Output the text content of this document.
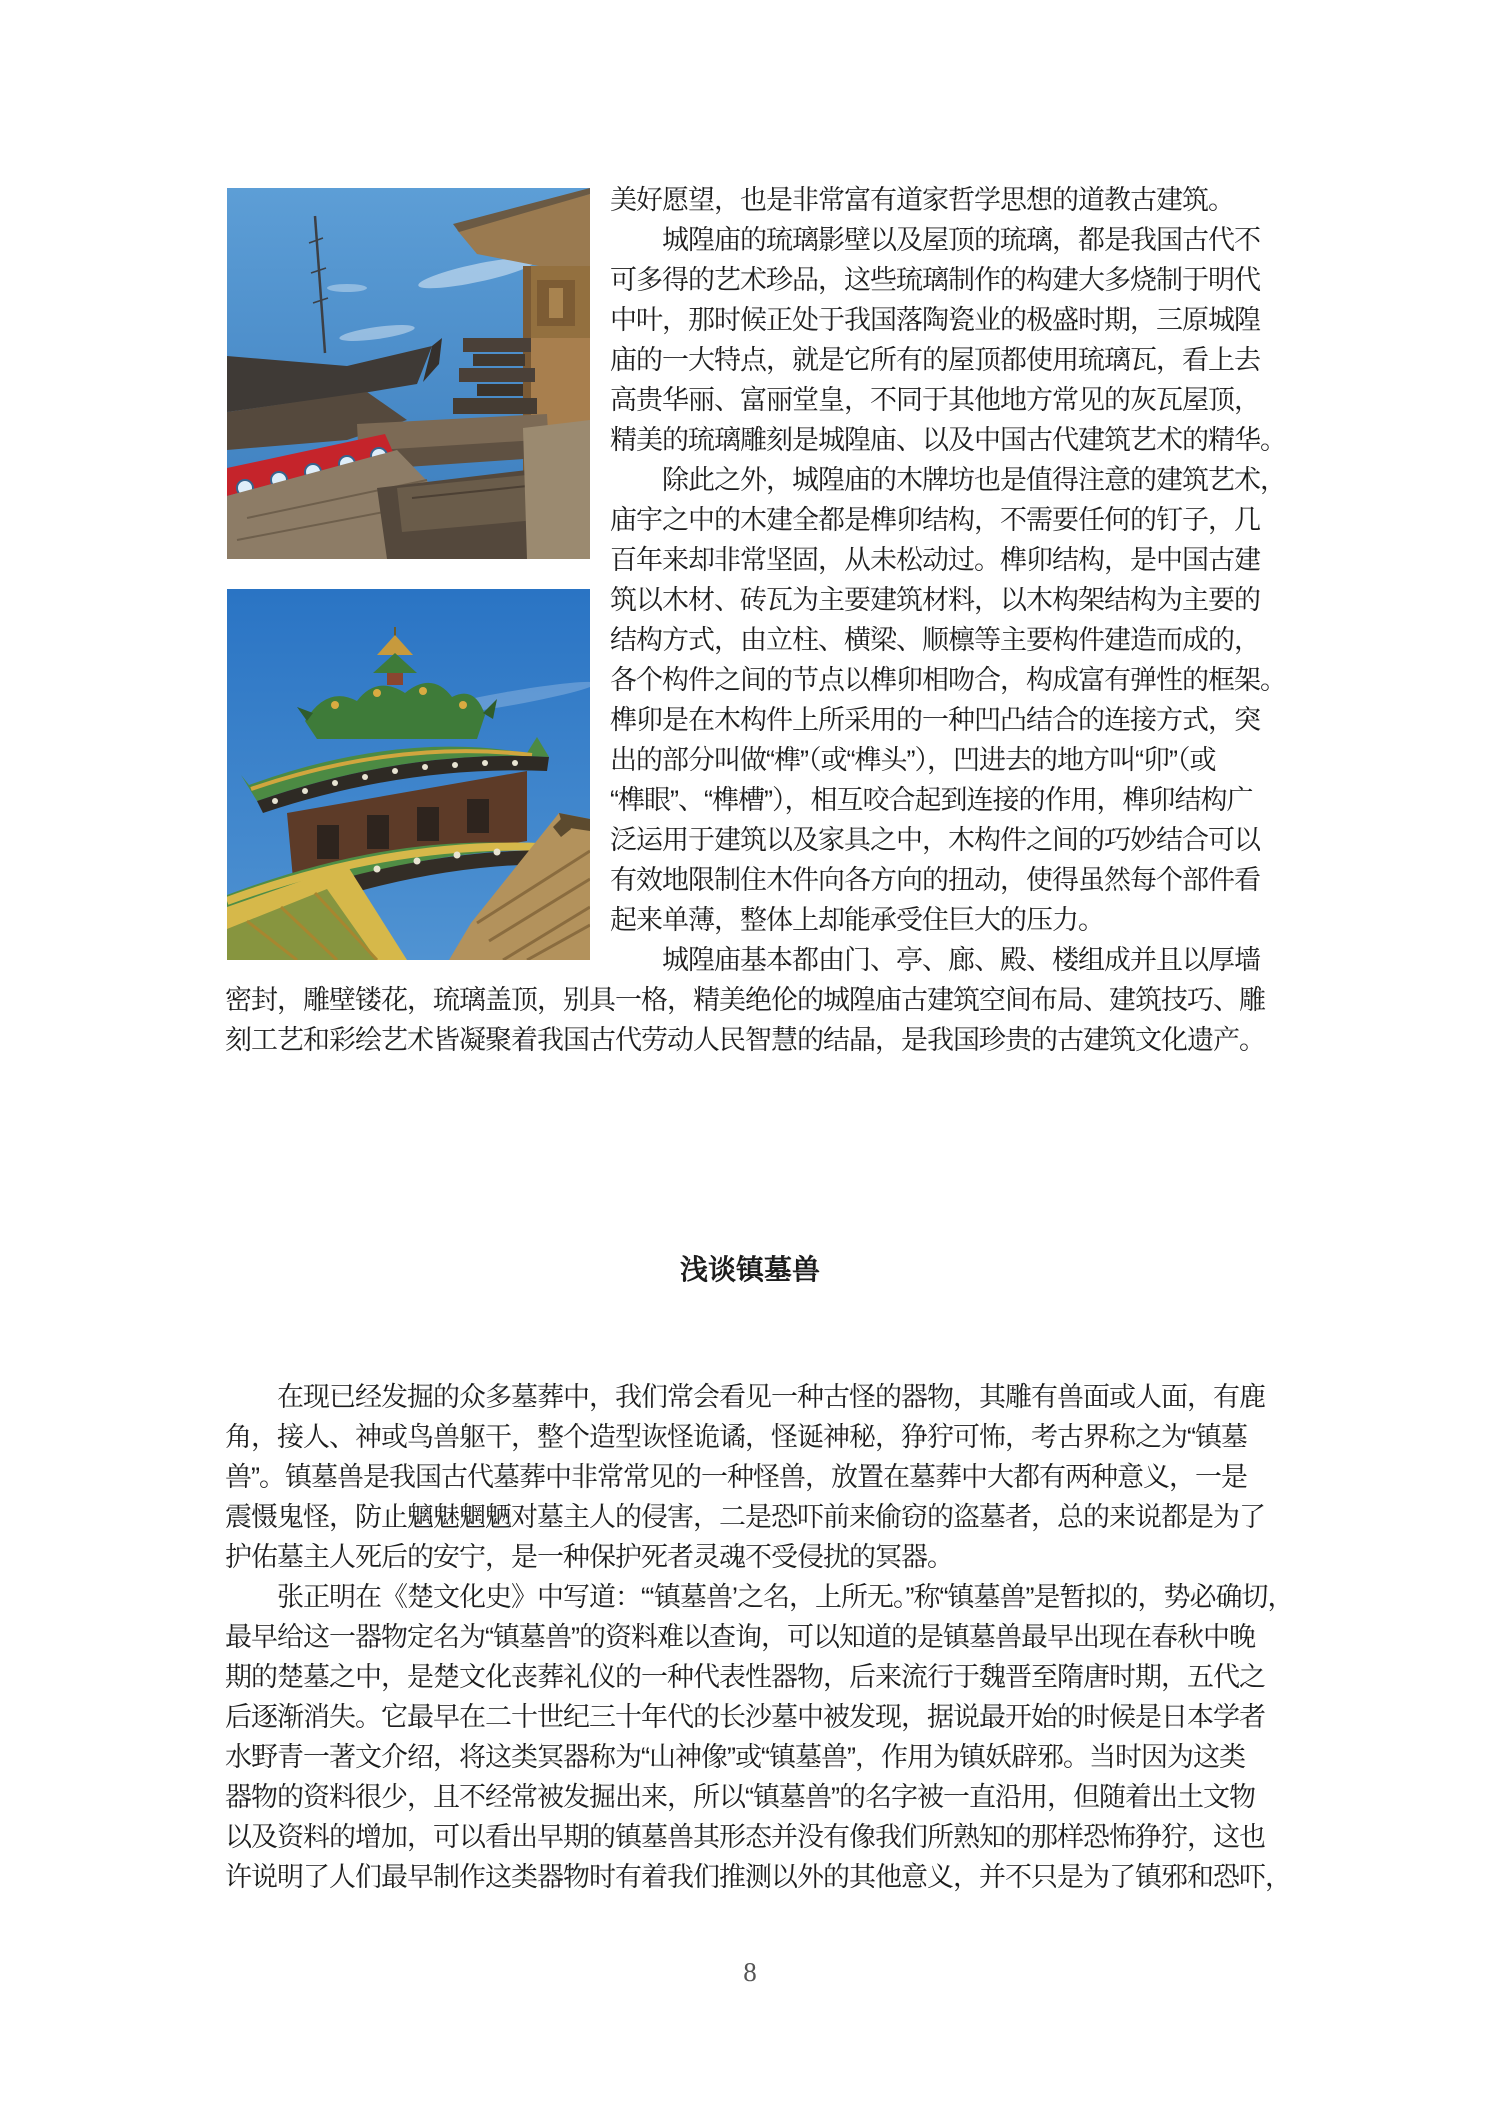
美好愿望，也是非常富有道家哲学思想的道教古建筑。
　　城隍庙的琉璃影壁以及屋顶的琉璃，都是我国古代不
可多得的艺术珍品，这些琉璃制作的构建大多烧制于明代
中叶，那时候正处于我国落陶瓷业的极盛时期，三原城隍
庙的一大特点，就是它所有的屋顶都使用琉璃瓦，看上去
高贵华丽、富丽堂皇，不同于其他地方常见的灰瓦屋顶，
精美的琉璃雕刻是城隍庙、以及中国古代建筑艺术的精华。
　　除此之外，城隍庙的木牌坊也是值得注意的建筑艺术，
庙宇之中的木建全都是榫卯结构，不需要任何的钉子，几
百年来却非常坚固，从未松动过。榫卯结构，是中国古建
筑以木材、砖瓦为主要建筑材料，以木构架结构为主要的
结构方式，由立柱、横梁、顺檩等主要构件建造而成的，
各个构件之间的节点以榫卯相吻合，构成富有弹性的框架。
榫卯是在木构件上所采用的一种凹凸结合的连接方式，突
出的部分叫做“榫”（或“榫头”），凹进去的地方叫“卯”（或
“榫眼”、“榫槽”），相互咬合起到连接的作用，榫卯结构广
泛运用于建筑以及家具之中，木构件之间的巧妙结合可以
有效地限制住木件向各方向的扭动，使得虽然每个部件看
起来单薄，整体上却能承受住巨大的压力。
　　城隍庙基本都由门、亭、廊、殿、楼组成并且以厚墙
密封，雕壁镂花，琉璃盖顶，别具一格，精美绝伦的城隍庙古建筑空间布局、建筑技巧、雕
刻工艺和彩绘艺术皆凝聚着我国古代劳动人民智慧的结晶，是我国珍贵的古建筑文化遗产。
浅谈镇墓兽
　　在现已经发掘的众多墓葬中，我们常会看见一种古怪的器物，其雕有兽面或人面，有鹿
角，接人、神或鸟兽躯干，整个造型诙怪诡谲，怪诞神秘，狰狞可怖，考古界称之为“镇墓
兽”。镇墓兽是我国古代墓葬中非常常见的一种怪兽，放置在墓葬中大都有两种意义，一是
震慑鬼怪，防止魑魅魍魉对墓主人的侵害，二是恐吓前来偷窃的盗墓者，总的来说都是为了
护佑墓主人死后的安宁，是一种保护死者灵魂不受侵扰的冥器。
　　张正明在《楚文化史》中写道：“‘镇墓兽’之名，上所无。”称“镇墓兽”是暂拟的，势必确切，
最早给这一器物定名为“镇墓兽”的资料难以查询，可以知道的是镇墓兽最早出现在春秋中晚
期的楚墓之中，是楚文化丧葬礼仪的一种代表性器物，后来流行于魏晋至隋唐时期，五代之
后逐渐消失。它最早在二十世纪三十年代的长沙墓中被发现，据说最开始的时候是日本学者
水野青一著文介绍，将这类冥器称为“山神像”或“镇墓兽”，作用为镇妖辟邪。当时因为这类
器物的资料很少，且不经常被发掘出来，所以“镇墓兽”的名字被一直沿用，但随着出土文物
以及资料的增加，可以看出早期的镇墓兽其形态并没有像我们所熟知的那样恐怖狰狞，这也
许说明了人们最早制作这类器物时有着我们推测以外的其他意义，并不只是为了镇邪和恐吓，
8
